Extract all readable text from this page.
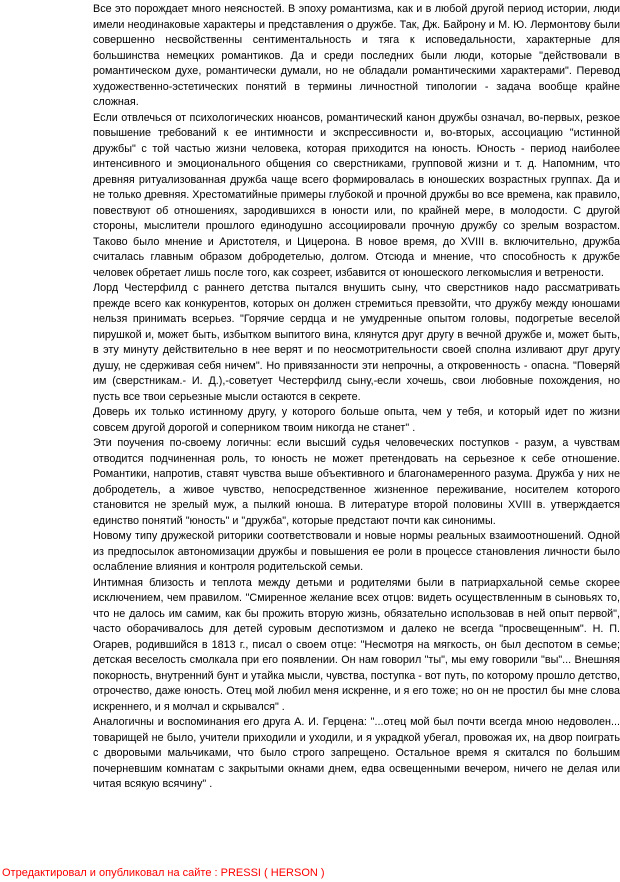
Все это порождает много неясностей. В эпоху романтизма, как и в любой другой период истории, люди имели неодинаковые характеры и представления о дружбе. Так, Дж. Байрону и М. Ю. Лермонтову были совершенно несвойственны сентиментальность и тяга к исповедальности, характерные для большинства немецких романтиков. Да и среди последних были люди, которые "действовали в романтическом духе, романтически думали, но не обладали романтическими характерами". Перевод художественно-эстетических понятий в термины личностной типологии - задача вообще крайне сложная.

Если отвлечься от психологических нюансов, романтический канон дружбы означал, во-первых, резкое повышение требований к ее интимности и экспрессивности и, во-вторых, ассоциацию "истинной дружбы" с той частью жизни человека, которая приходится на юность. Юность - период наиболее интенсивного и эмоционального общения со сверстниками, групповой жизни и т. д. Напомним, что древняя ритуализованная дружба чаще всего формировалась в юношеских возрастных группах. Да и не только древняя. Хрестоматийные примеры глубокой и прочной дружбы во все времена, как правило, повествуют об отношениях, зародившихся в юности или, по крайней мере, в молодости. С другой стороны, мыслители прошлого единодушно ассоциировали прочную дружбу со зрелым возрастом. Таково было мнение и Аристотеля, и Цицерона. В новое время, до XVIII в. включительно, дружба считалась главным образом добродетелью, долгом. Отсюда и мнение, что способность к дружбе человек обретает лишь после того, как созреет, избавится от юношеского легкомыслия и ветрености.

Лорд Честерфилд с раннего детства пытался внушить сыну, что сверстников надо рассматривать прежде всего как конкурентов, которых он должен стремиться превзойти, что дружбу между юношами нельзя принимать всерьез. "Горячие сердца и не умудренные опытом головы, подогретые веселой пирушкой и, может быть, избытком выпитого вина, клянутся друг другу в вечной дружбе и, может быть, в эту минуту действительно в нее верят и по неосмотрительности своей сполна изливают друг другу душу, не сдерживая себя ничем". Но привязанности эти непрочны, а откровенность - опасна. "Поверяй им (сверстникам.- И. Д.),-советует Честерфилд сыну,-если хочешь, свои любовные похождения, но пусть все твои серьезные мысли остаются в секрете.

Доверь их только истинному другу, у которого больше опыта, чем у тебя, и который идет по жизни совсем другой дорогой и соперником твоим никогда не станет" .

Эти поучения по-своему логичны: если высший судья человеческих поступков - разум, а чувствам отводится подчиненная роль, то юность не может претендовать на серьезное к себе отношение. Романтики, напротив, ставят чувства выше объективного и благонамеренного разума. Дружба у них не добродетель, а живое чувство, непосредственное жизненное переживание, носителем которого становится не зрелый муж, а пылкий юноша. В литературе второй половины XVIII в. утверждается единство понятий "юность" и "дружба", которые предстают почти как синонимы.

Новому типу дружеской риторики соответствовали и новые нормы реальных взаимоотношений. Одной из предпосылок автономизации дружбы и повышения ее роли в процессе становления личности было ослабление влияния и контроля родительской семьи.

Интимная близость и теплота между детьми и родителями были в патриархальной семье скорее исключением, чем правилом. "Смиренное желание всех отцов: видеть осуществленным в сыновьях то, что не далось им самим, как бы прожить вторую жизнь, обязательно использовав в ней опыт первой", часто оборачивалось для детей суровым деспотизмом и далеко не всегда "просвещенным". Н. П. Огарев, родившийся в 1813 г., писал о своем отце: "Несмотря на мягкость, он был деспотом в семье; детская веселость смолкала при его появлении. Он нам говорил "ты", мы ему говорили "вы"... Внешняя покорность, внутренний бунт и утайка мысли, чувства, поступка - вот путь, по которому прошло детство, отрочество, даже юность. Отец мой любил меня искренне, и я его тоже; но он не простил бы мне слова искреннего, и я молчал и скрывался" .

Аналогичны и воспоминания его друга А. И. Герцена: "...отец мой был почти всегда мною недоволен... товарищей не было, учители приходили и уходили, и я украдкой убегал, провожая их, на двор поиграть с дворовыми мальчиками, что было строго запрещено. Остальное время я скитался по большим почерневшим комнатам с закрытыми окнами днем, едва освещенными вечером, ничего не делая или читая всякую всячину" .

Отредактировал и опубликовал на сайте : PRESSI ( HERSON )
